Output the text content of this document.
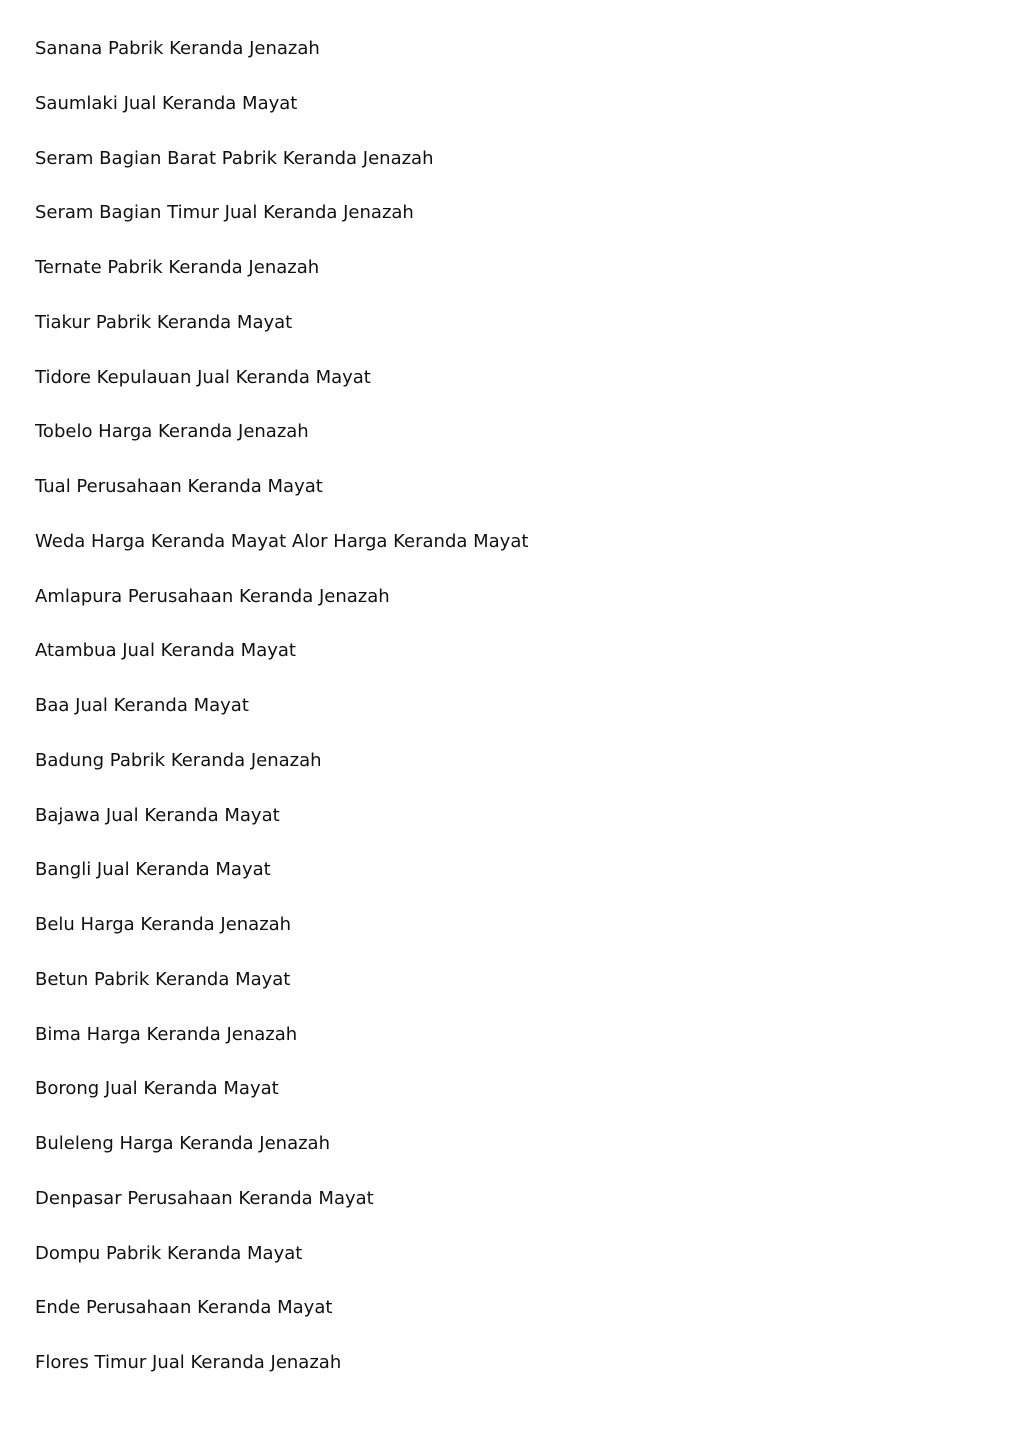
Sanana Pabrik Keranda Jenazah
Saumlaki Jual Keranda Mayat
Seram Bagian Barat Pabrik Keranda Jenazah
Seram Bagian Timur Jual Keranda Jenazah
Ternate Pabrik Keranda Jenazah
Tiakur Pabrik Keranda Mayat
Tidore Kepulauan Jual Keranda Mayat
Tobelo Harga Keranda Jenazah
Tual Perusahaan Keranda Mayat
Weda Harga Keranda Mayat Alor Harga Keranda Mayat
Amlapura Perusahaan Keranda Jenazah
Atambua Jual Keranda Mayat
Baa Jual Keranda Mayat
Badung Pabrik Keranda Jenazah
Bajawa Jual Keranda Mayat
Bangli Jual Keranda Mayat
Belu Harga Keranda Jenazah
Betun Pabrik Keranda Mayat
Bima Harga Keranda Jenazah
Borong Jual Keranda Mayat
Buleleng Harga Keranda Jenazah
Denpasar Perusahaan Keranda Mayat
Dompu Pabrik Keranda Mayat
Ende Perusahaan Keranda Mayat
Flores Timur Jual Keranda Jenazah
